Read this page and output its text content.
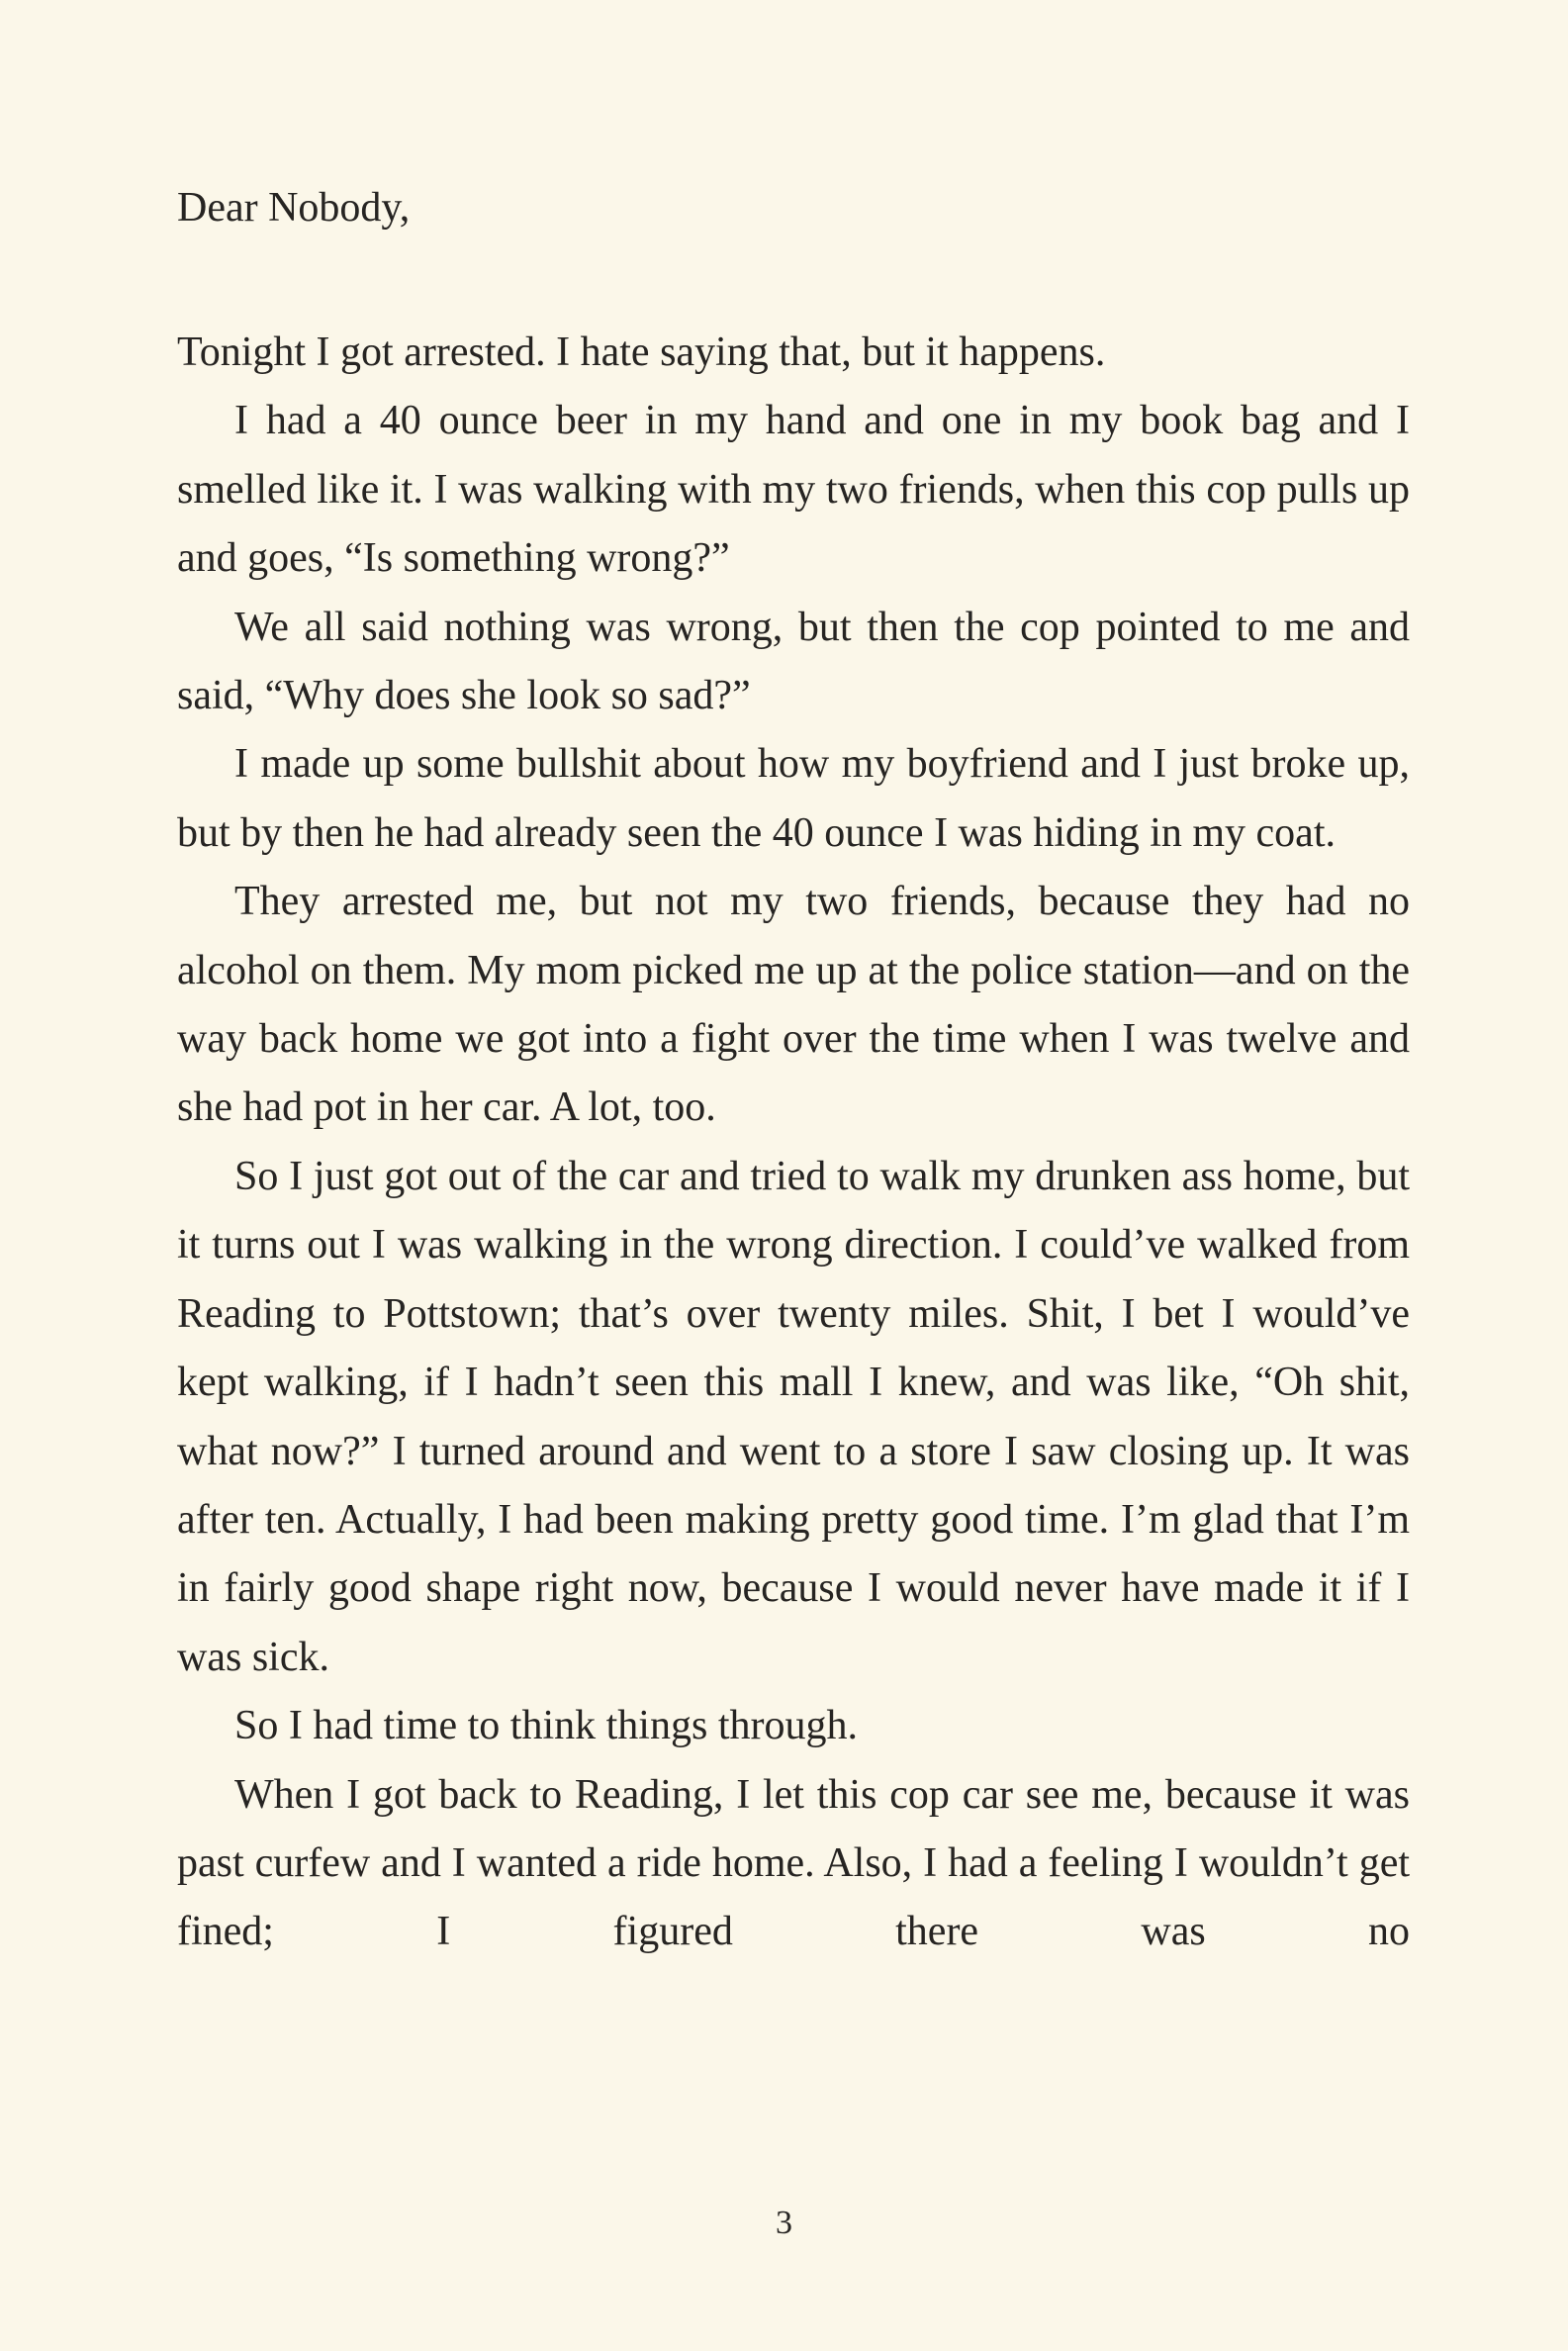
Dear Nobody,

Tonight I got arrested. I hate saying that, but it happens.

I had a 40 ounce beer in my hand and one in my book bag and I smelled like it. I was walking with my two friends, when this cop pulls up and goes, “Is something wrong?”

We all said nothing was wrong, but then the cop pointed to me and said, “Why does she look so sad?”

I made up some bullshit about how my boyfriend and I just broke up, but by then he had already seen the 40 ounce I was hiding in my coat.

They arrested me, but not my two friends, because they had no alcohol on them. My mom picked me up at the police station—and on the way back home we got into a fight over the time when I was twelve and she had pot in her car. A lot, too.

So I just got out of the car and tried to walk my drunken ass home, but it turns out I was walking in the wrong direction. I could’ve walked from Reading to Pottstown; that’s over twenty miles. Shit, I bet I would’ve kept walking, if I hadn’t seen this mall I knew, and was like, “Oh shit, what now?” I turned around and went to a store I saw closing up. It was after ten. Actually, I had been making pretty good time. I’m glad that I’m in fairly good shape right now, because I would never have made it if I was sick.

So I had time to think things through.

When I got back to Reading, I let this cop car see me, because it was past curfew and I wanted a ride home. Also, I had a feeling I wouldn’t get fined; I figured there was no

3
